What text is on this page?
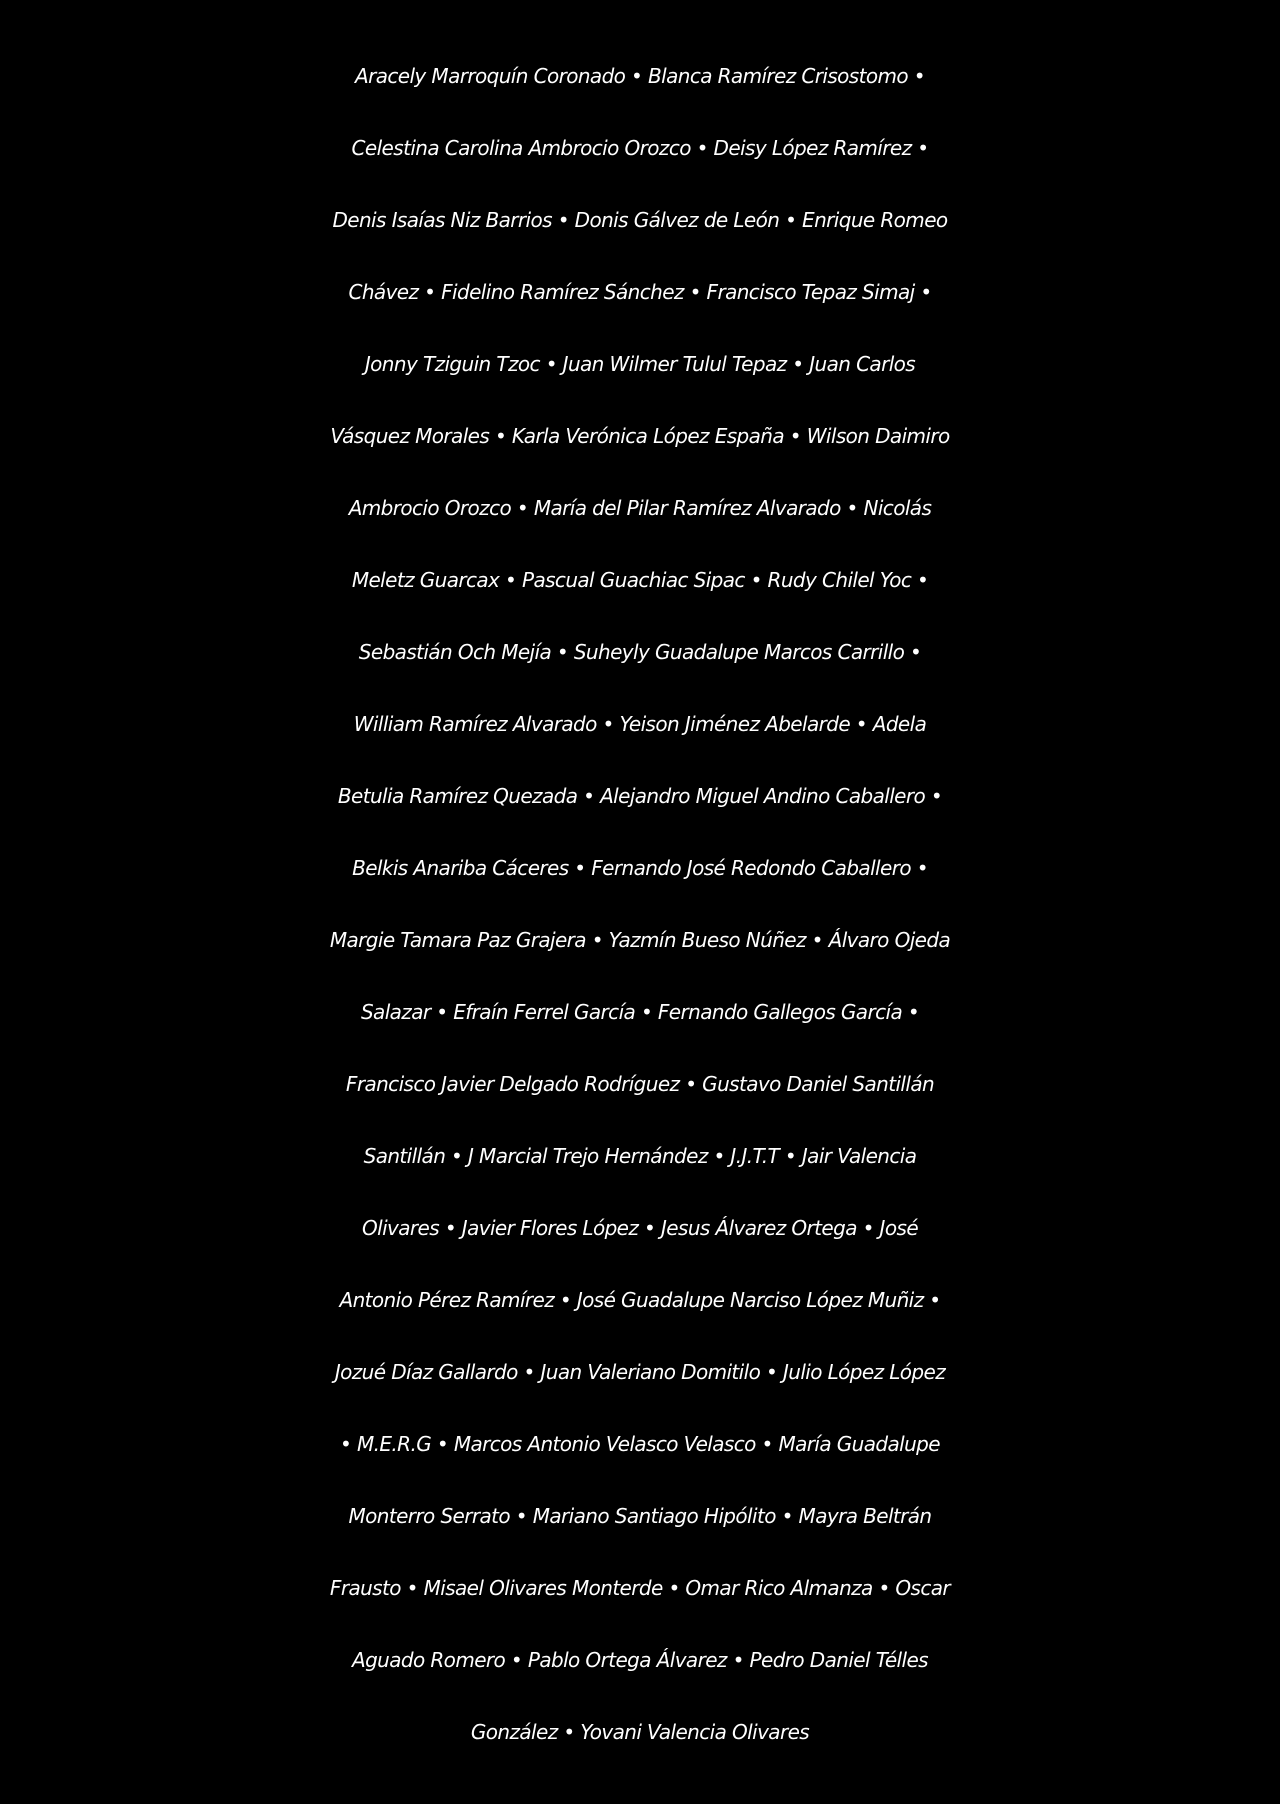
Aracely Marroquín Coronado • Blanca Ramírez Crisostomo •
Celestina Carolina Ambrocio Orozco • Deisy López Ramírez •
Denis Isaías Niz Barrios • Donis Gálvez de León • Enrique Romeo
Chávez • Fidelino Ramírez Sánchez • Francisco Tepaz Simaj •
Jonny Tziguin Tzoc • Juan Wilmer Tulul Tepaz • Juan Carlos
Vásquez Morales • Karla Verónica López España • Wilson Daimiro
Ambrocio Orozco • María del Pilar Ramírez Alvarado • Nicolás
Meletz Guarcax • Pascual Guachiac Sipac • Rudy Chilel Yoc •
Sebastián Och Mejía • Suheyly Guadalupe Marcos Carrillo •
William Ramírez Alvarado • Yeison Jiménez Abelarde • Adela
Betulia Ramírez Quezada • Alejandro Miguel Andino Caballero •
Belkis Anariba Cáceres • Fernando José Redondo Caballero •
Margie Tamara Paz Grajera • Yazmín Bueso Núñez • Álvaro Ojeda
Salazar • Efraín Ferrel García • Fernando Gallegos García •
Francisco Javier Delgado Rodríguez • Gustavo Daniel Santillán
Santillán • J Marcial Trejo Hernández • J.J.T.T • Jair Valencia
Olivares • Javier Flores López • Jesus Álvarez Ortega • José
Antonio Pérez Ramírez • José Guadalupe Narciso López Muñiz •
Jozué Díaz Gallardo • Juan Valeriano Domitilo • Julio López López
• M.E.R.G • Marcos Antonio Velasco Velasco • María Guadalupe
Monterro Serrato • Mariano Santiago Hipólito • Mayra Beltrán
Frausto • Misael Olivares Monterde • Omar Rico Almanza • Oscar
Aguado Romero • Pablo Ortega Álvarez • Pedro Daniel Télles
González • Yovani Valencia Olivares
